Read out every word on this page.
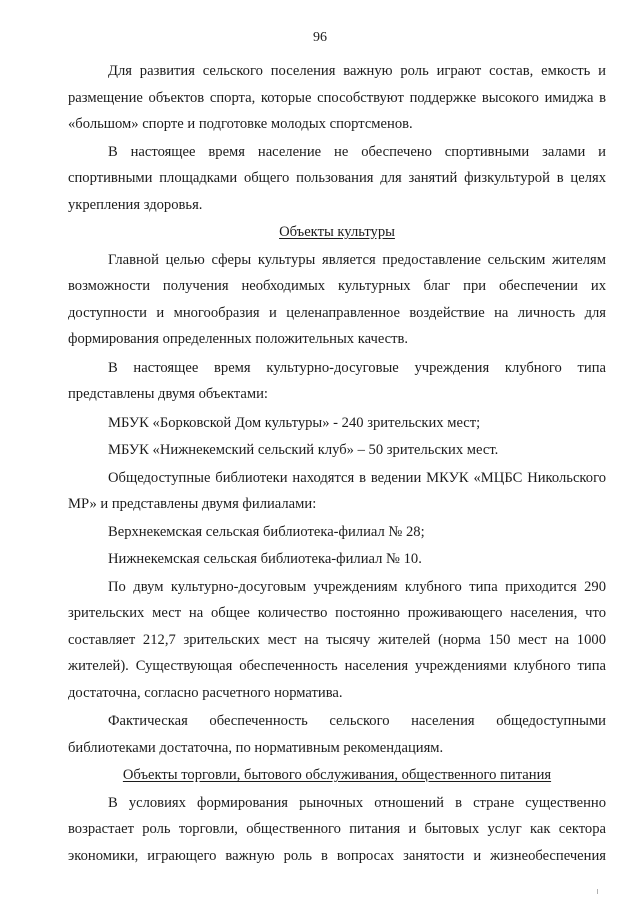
96

Для развития сельского поселения важную роль играют состав, емкость и размещение объектов спорта, которые способствуют поддержке высокого имиджа в «большом» спорте и подготовке молодых спортсменов.

В настоящее время население не обеспечено спортивными залами и спортивными площадками общего пользования для занятий физкультурой в целях укрепления здоровья.

Объекты культуры

Главной целью сферы культуры является предоставление сельским жителям возможности получения необходимых культурных благ при обеспечении их доступности и многообразия и целенаправленное воздействие на личность для формирования определенных положительных качеств.

В настоящее время культурно-досуговые учреждения клубного типа представлены двумя объектами:

МБУК «Борковской Дом культуры» - 240 зрительских мест;

МБУК «Нижнекемский сельский клуб» – 50 зрительских мест.

Общедоступные библиотеки находятся в ведении МКУК «МЦБС Никольского МР» и представлены двумя филиалами:

Верхнекемская сельская библиотека-филиал № 28;

Нижнекемская сельская библиотека-филиал № 10.

По двум культурно-досуговым учреждениям клубного типа приходится 290 зрительских мест на общее количество постоянно проживающего населения, что составляет 212,7 зрительских мест на тысячу жителей (норма 150 мест на 1000 жителей). Существующая обеспеченность населения учреждениями клубного типа достаточна, согласно расчетного норматива.

Фактическая обеспеченность сельского населения общедоступными библиотеками достаточна, по нормативным рекомендациям.

Объекты торговли, бытового обслуживания, общественного питания

В условиях формирования рыночных отношений в стране существенно возрастает роль торговли, общественного питания и бытовых услуг как сектора экономики, играющего важную роль в вопросах занятости и жизнеобеспечения
